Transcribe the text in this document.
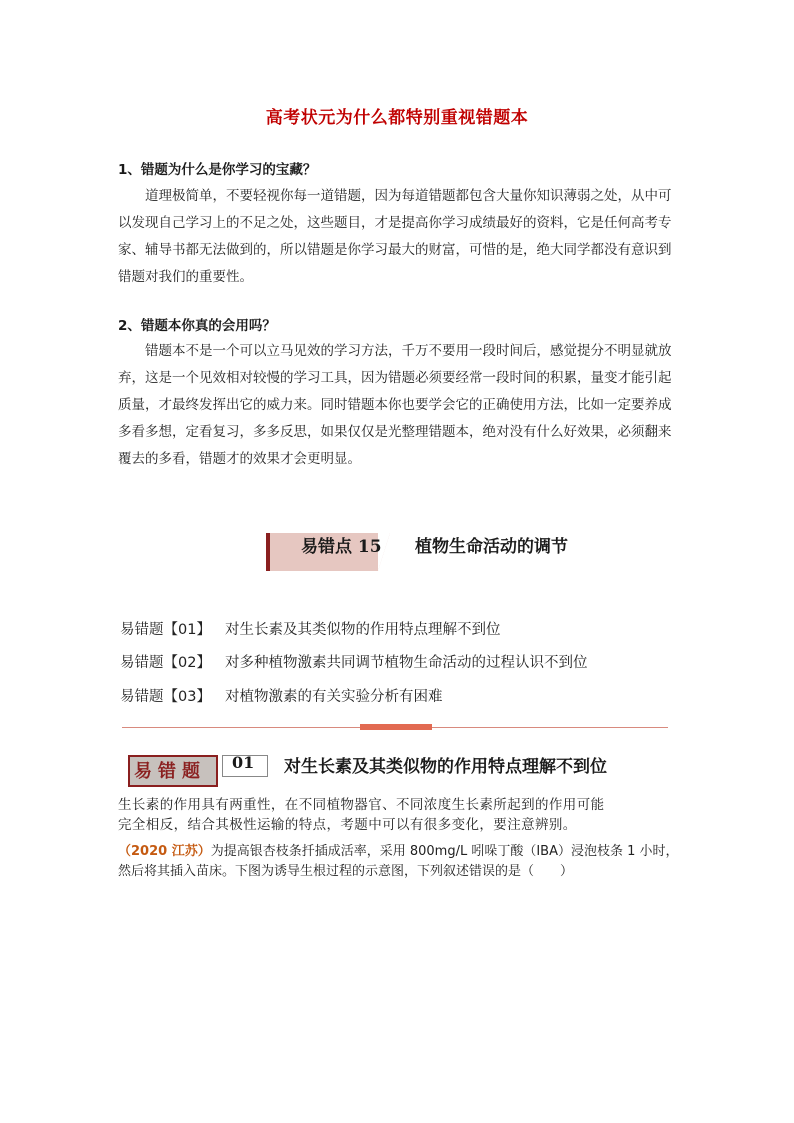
高考状元为什么都特别重视错题本
1、错题为什么是你学习的宝藏？

道理极简单，不要轻视你每一道错题，因为每道错题都包含大量你知识薄弱之处，从中可以发现自己学习上的不足之处，这些题目，才是提高你学习成绩最好的资料，它是任何高考专家、辅导书都无法做到的，所以错题是你学习最大的财富，可惜的是，绝大同学都没有意识到错题对我们的重要性。

2、错题本你真的会用吗？

错题本不是一个可以立马见效的学习方法，千万不要用一段时间后，感觉提分不明显就放弃，这是一个见效相对较慢的学习工具，因为错题必须要经常一段时间的积累，量变才能引起质量，才最终发挥出它的威力来。同时错题本你也要学会它的正确使用方法，比如一定要养成多看多想，定看复习，多多反思，如果仅仅是光整理错题本，绝对没有什么好效果，必须翻来覆去的多看，错题才的效果才会更明显。

易错点 15 植物生命活动的调节
易错题【01】 对生长素及其类似物的作用特点理解不到位
易错题【02】 对多种植物激素共同调节植物生命活动的过程认识不到位
易错题【03】 对植物激素的有关实验分析有困难
易错题 01 对生长素及其类似物的作用特点理解不到位

生长素的作用具有两重性，在不同植物器官、不同浓度生长素所起到的作用可能

完全相反，结合其极性运输的特点，考题中可以有很多变化，要注意辨别。

（2020 江苏）为提高银杏枝条扦插成活率，采用 800mg/L 吲哚丁酸（IBA）浸泡枝条 1 小时，然后将其插入苗床。下图为诱导生根过程的示意图，下列叙述错误的是（　　）
